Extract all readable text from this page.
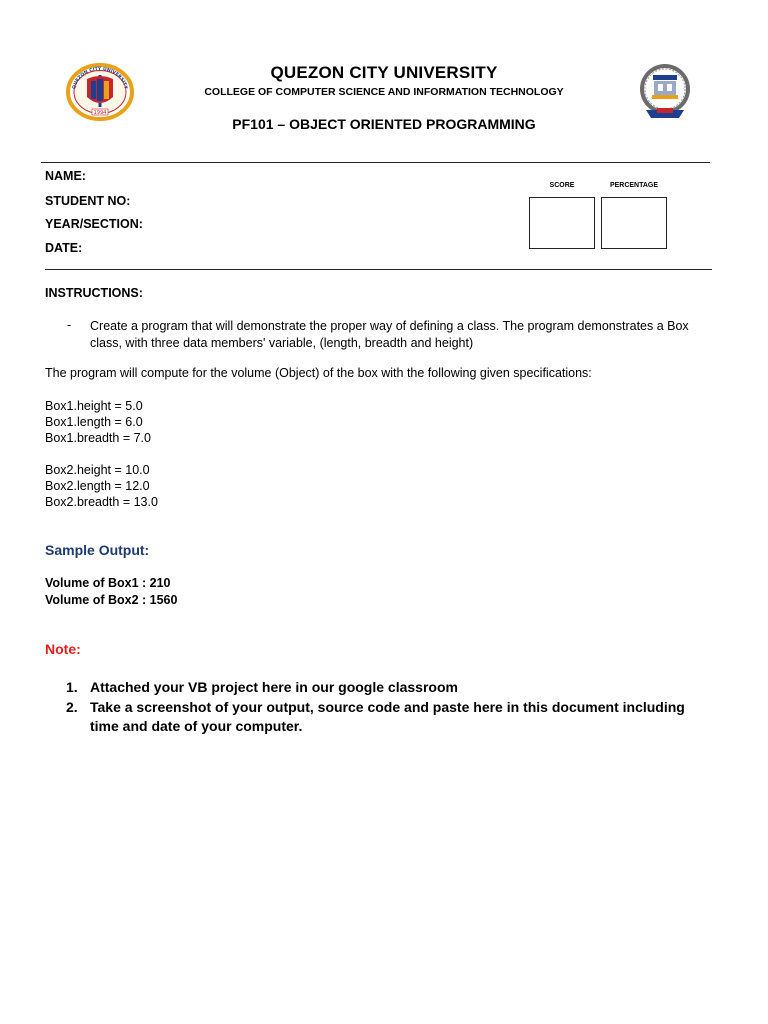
1994
QUEZON CITY UNIVERSITY
QUEZON CITY UNIVERSITY
COLLEGE OF COMPUTER SCIENCE AND INFORMATION TECHNOLOGY
PF101 – OBJECT ORIENTED PROGRAMMING
NAME:
STUDENT NO:
YEAR/SECTION:
DATE:
SCORE	PERCENTAGE
INSTRUCTIONS:
- Create a program that will demonstrate the proper way of defining a class. The program demonstrates a Box class, with three data members' variable, (length, breadth and height)
The program will compute for the volume (Object) of the box with the following given specifications:
Box1.height = 5.0
Box1.length = 6.0
Box1.breadth = 7.0
Box2.height = 10.0
Box2.length = 12.0
Box2.breadth = 13.0
Sample Output:
Volume of Box1 : 210
Volume of Box2 : 1560
Note:
1. Attached your VB project here in our google classroom
2. Take a screenshot of your output, source code and paste here in this document including time and date of your computer.
